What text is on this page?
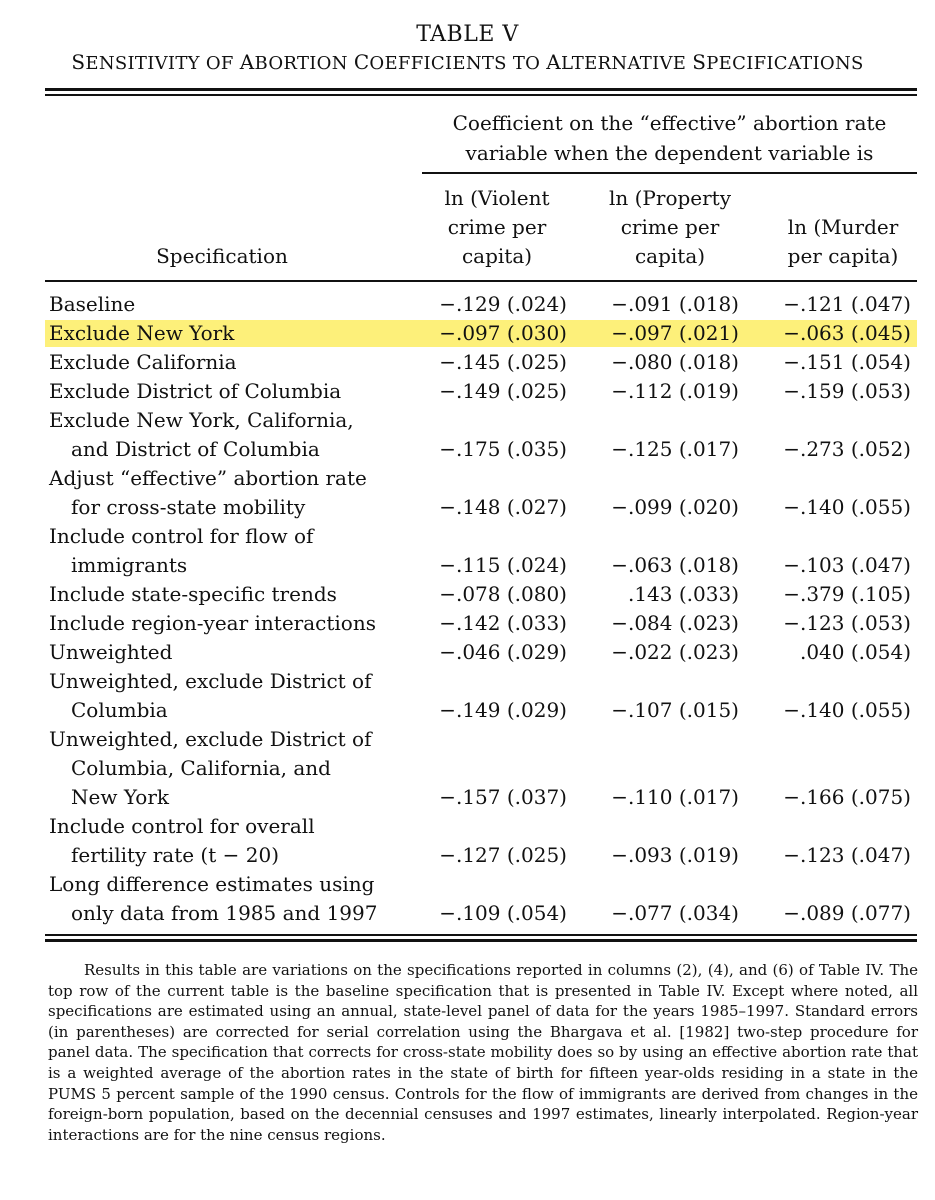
TABLE V
SENSITIVITY OF ABORTION COEFFICIENTS TO ALTERNATIVE SPECIFICATIONS
Coefficient on the “effective” abortion rate
variable when the dependent variable is
ln (Violent
crime per
capita)
ln (Property
crime per
capita)
ln (Murder
per capita)
Specification
Baseline	−.129 (.024) −.091 (.018) −.121 (.047)
Exclude New York	−.097 (.030) −.097 (.021) −.063 (.045)
Exclude California	−.145 (.025) −.080 (.018) −.151 (.054)
Exclude District of Columbia	−.149 (.025) −.112 (.019) −.159 (.053)
Exclude New York, California,
and District of Columbia	−.175 (.035) −.125 (.017) −.273 (.052)
Adjust “effective” abortion rate
for cross-state mobility	−.148 (.027) −.099 (.020) −.140 (.055)
Include control for flow of
immigrants	−.115 (.024) −.063 (.018) −.103 (.047)
Include state-specific trends	−.078 (.080)	.143 (.033) −.379 (.105)
Include region-year interactions	−.142 (.033) −.084 (.023) −.123 (.053)
Unweighted	−.046 (.029) −.022 (.023)	.040 (.054)
Unweighted, exclude District of
Columbia	−.149 (.029) −.107 (.015) −.140 (.055)
Unweighted, exclude District of
Columbia, California, and
New York	−.157 (.037) −.110 (.017) −.166 (.075)
Include control for overall
fertility rate (t − 20)	−.127 (.025) −.093 (.019) −.123 (.047)
Long difference estimates using
only data from 1985 and 1997	−.109 (.054) −.077 (.034) −.089 (.077)
Results in this table are variations on the specifications reported in columns (2), (4), and (6) of Table IV. The top row of the current table is the baseline specification that is presented in Table IV. Except where noted, all specifications are estimated using an annual, state-level panel of data for the years 1985–1997. Standard errors (in parentheses) are corrected for serial correlation using the Bhargava et al. [1982] two-step procedure for panel data. The specification that corrects for cross-state mobility does so by using an effective abortion rate that is a weighted average of the abortion rates in the state of birth for fifteen year-olds residing in a state in the PUMS 5 percent sample of the 1990 census. Controls for the flow of immigrants are derived from changes in the foreign-born population, based on the decennial censuses and 1997 estimates, linearly interpolated. Region-year interactions are for the nine census regions.
